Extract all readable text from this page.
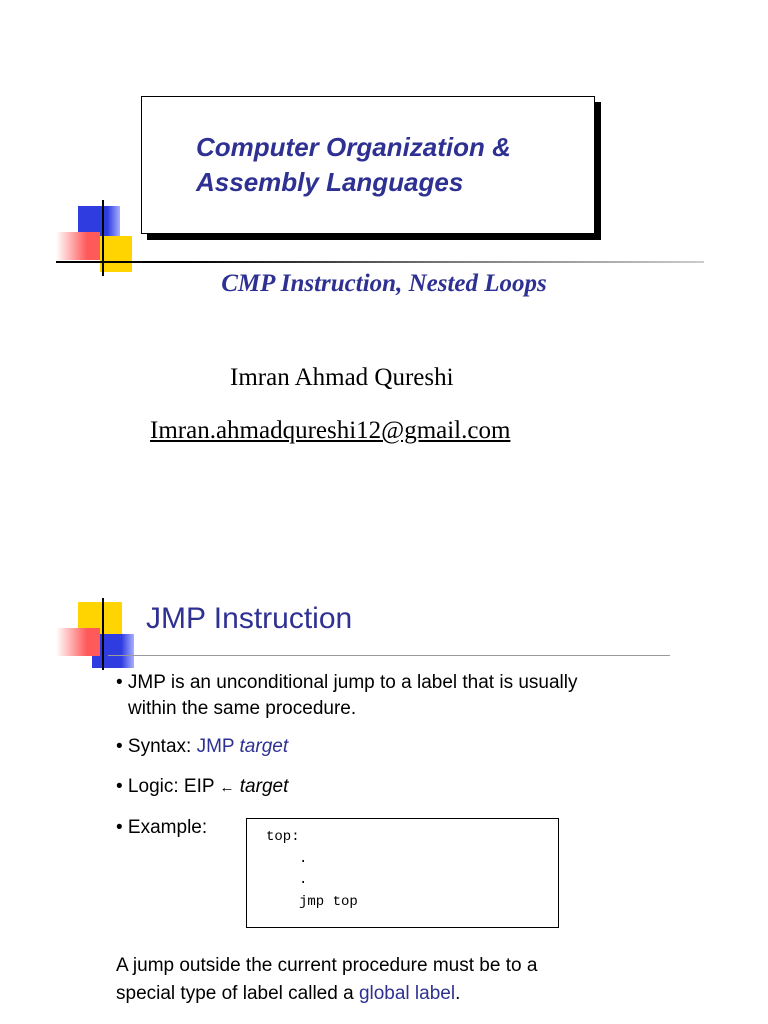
Computer Organization &
Assembly Languages
CMP Instruction, Nested Loops
Imran Ahmad Qureshi
Imran.ahmadqureshi12@gmail.com
JMP Instruction
• JMP is an unconditional jump to a label that is usually
within the same procedure.
• Syntax: JMP target
• Logic: EIP ← target
• Example:	top:
.
.
jmp top
A jump outside the current procedure must be to a
special type of label called a global label.
